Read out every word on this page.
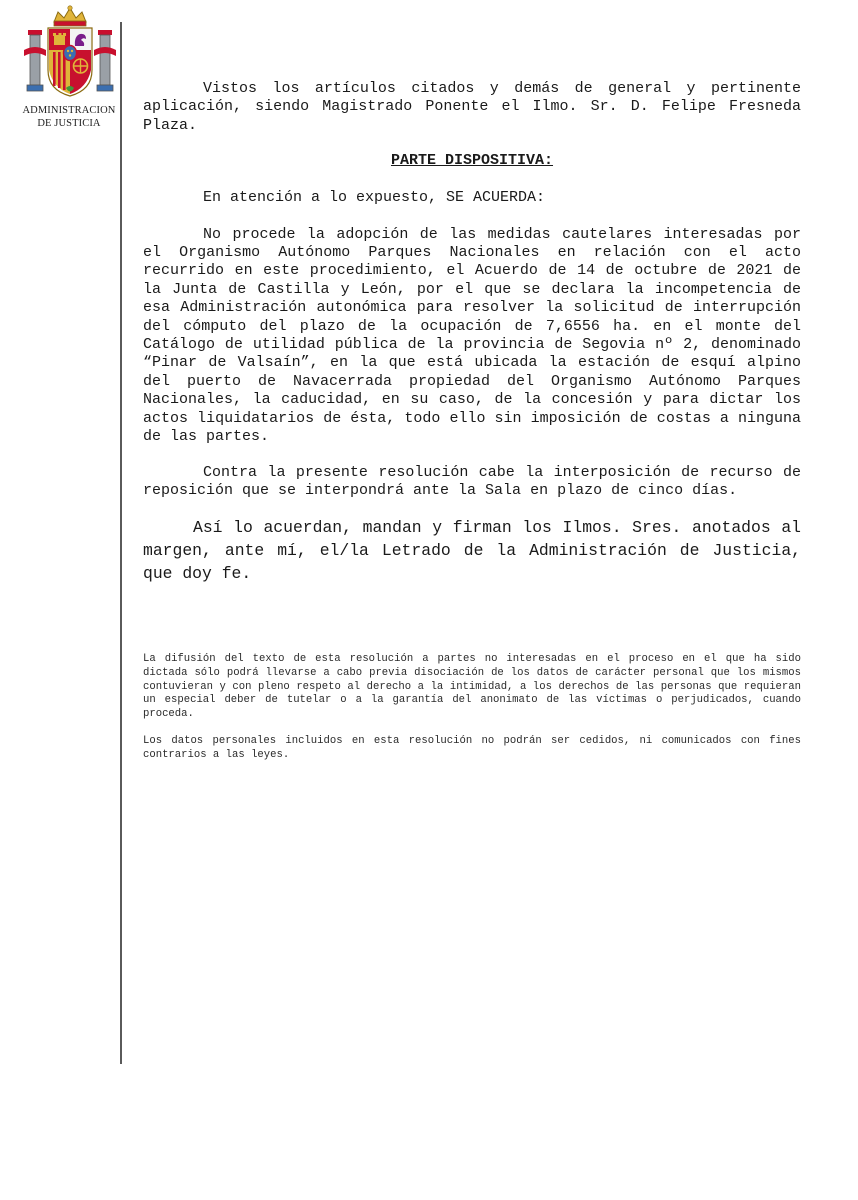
ADMINISTRACION
DE JUSTICIA

Vistos los artículos citados y demás de general y pertinente aplicación, siendo Magistrado Ponente el Ilmo. Sr. D. Felipe Fresneda Plaza.

PARTE DISPOSITIVA:

En atención a lo expuesto, SE ACUERDA:

No procede la adopción de las medidas cautelares interesadas por el Organismo Autónomo Parques Nacionales en relación con el acto recurrido en este procedimiento, el Acuerdo de 14 de octubre de 2021 de la Junta de Castilla y León, por el que se declara la incompetencia de esa Administración autonómica para resolver la solicitud de interrupción del cómputo del plazo de la ocupación de 7,6556 ha. en el monte del Catálogo de utilidad pública de la provincia de Segovia nº 2, denominado “Pinar de Valsaín”, en la que está ubicada la estación de esquí alpino del puerto de Navacerrada propiedad del Organismo Autónomo Parques Nacionales, la caducidad, en su caso, de la concesión y para dictar los actos liquidatarios de ésta, todo ello sin imposición de costas a ninguna de las partes.

Contra la presente resolución cabe la interposición de recurso de reposición que se interpondrá ante la Sala en plazo de cinco días.

Así lo acuerdan, mandan y firman los Ilmos. Sres. anotados al margen, ante mí, el/la Letrado de la Administración de Justicia, que doy fe.

La difusión del texto de esta resolución a partes no interesadas en el proceso en el que ha sido dictada sólo podrá llevarse a cabo previa disociación de los datos de carácter personal que los mismos contuvieran y con pleno respeto al derecho a la intimidad, a los derechos de las personas que requieran un especial deber de tutelar o a la garantía del anonimato de las víctimas o perjudicados, cuando proceda.

Los datos personales incluidos en esta resolución no podrán ser cedidos, ni comunicados con fines contrarios a las leyes.
